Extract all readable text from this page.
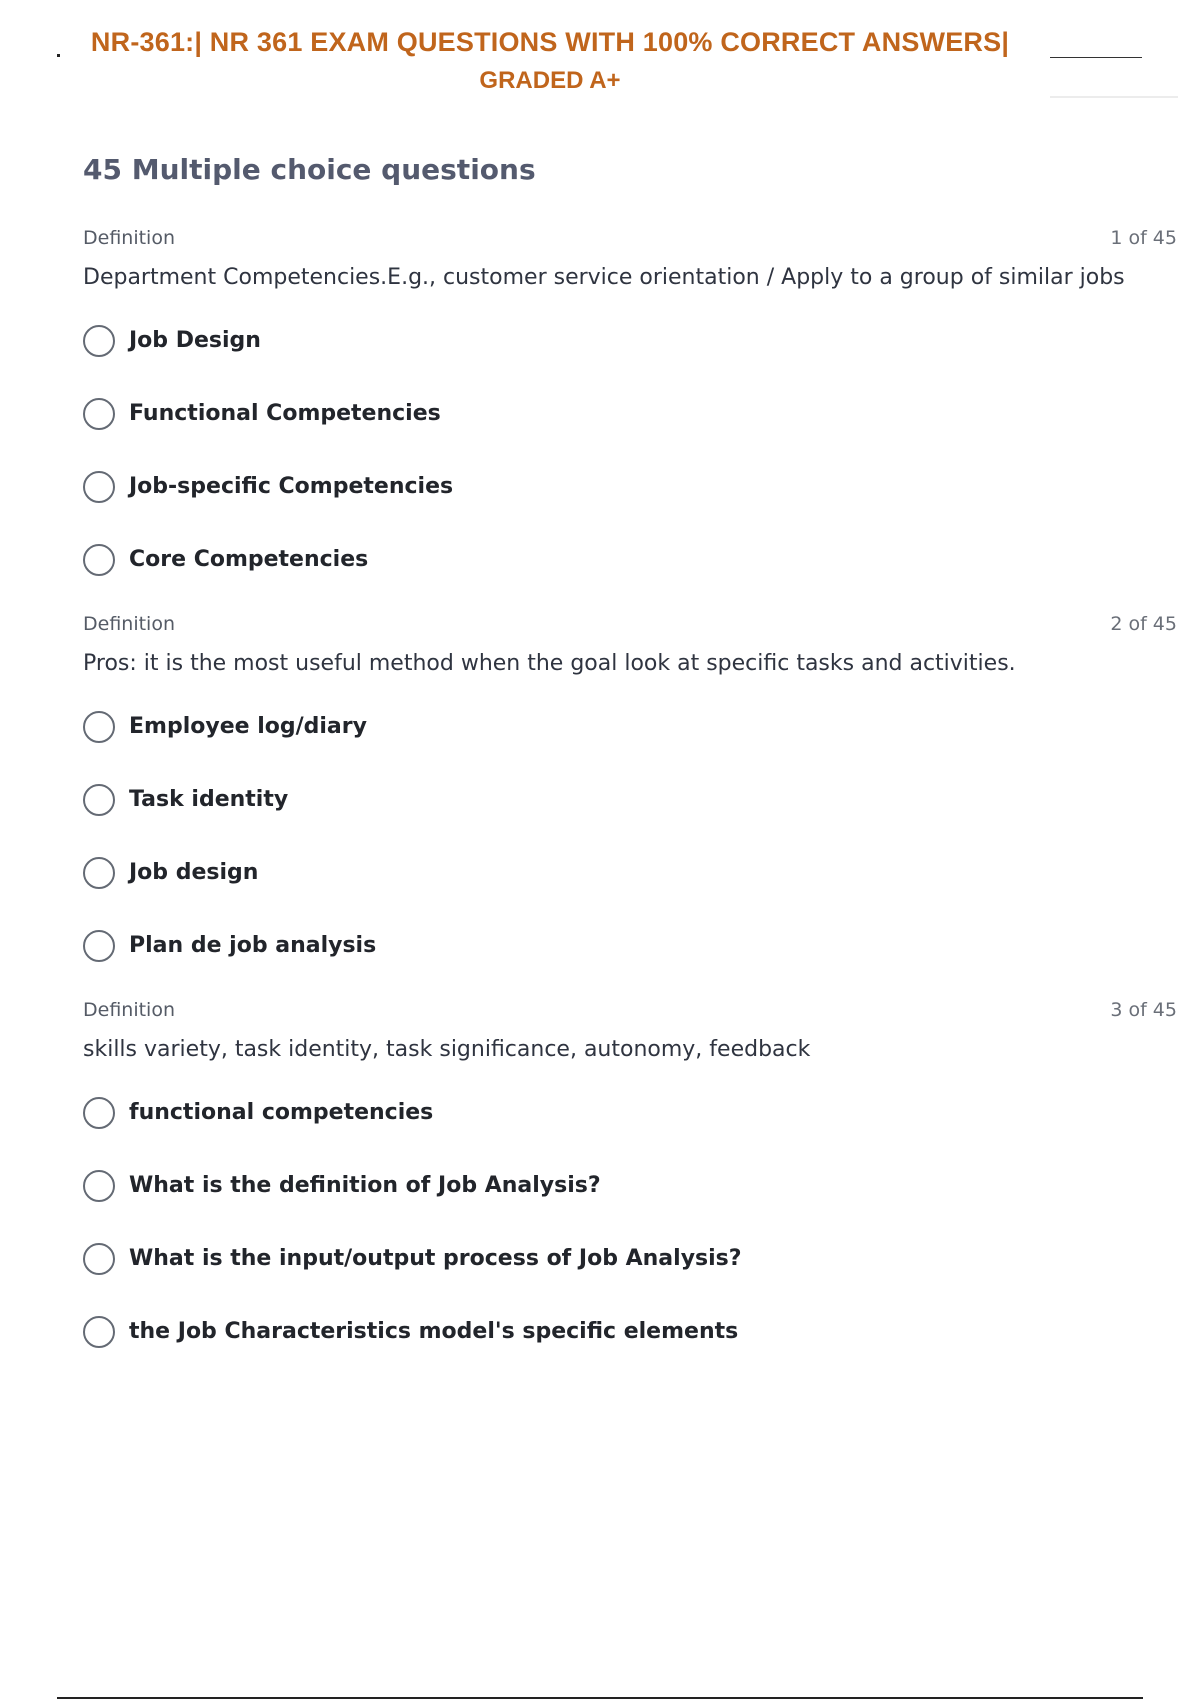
NR-361:| NR 361 EXAM QUESTIONS WITH 100% CORRECT ANSWERS|
GRADED A+
45 Multiple choice questions
Definition	1 of 45
Department Competencies.E.g., customer service orientation / Apply to a group of similar jobs
Job Design
Functional Competencies
Job-specific Competencies
Core Competencies
Definition	2 of 45
Pros: it is the most useful method when the goal look at specific tasks and activities.
Employee log/diary
Task identity
Job design
Plan de job analysis
Definition	3 of 45
skills variety, task identity, task significance, autonomy, feedback
functional competencies
What is the definition of Job Analysis?
What is the input/output process of Job Analysis?
the Job Characteristics model's specific elements
